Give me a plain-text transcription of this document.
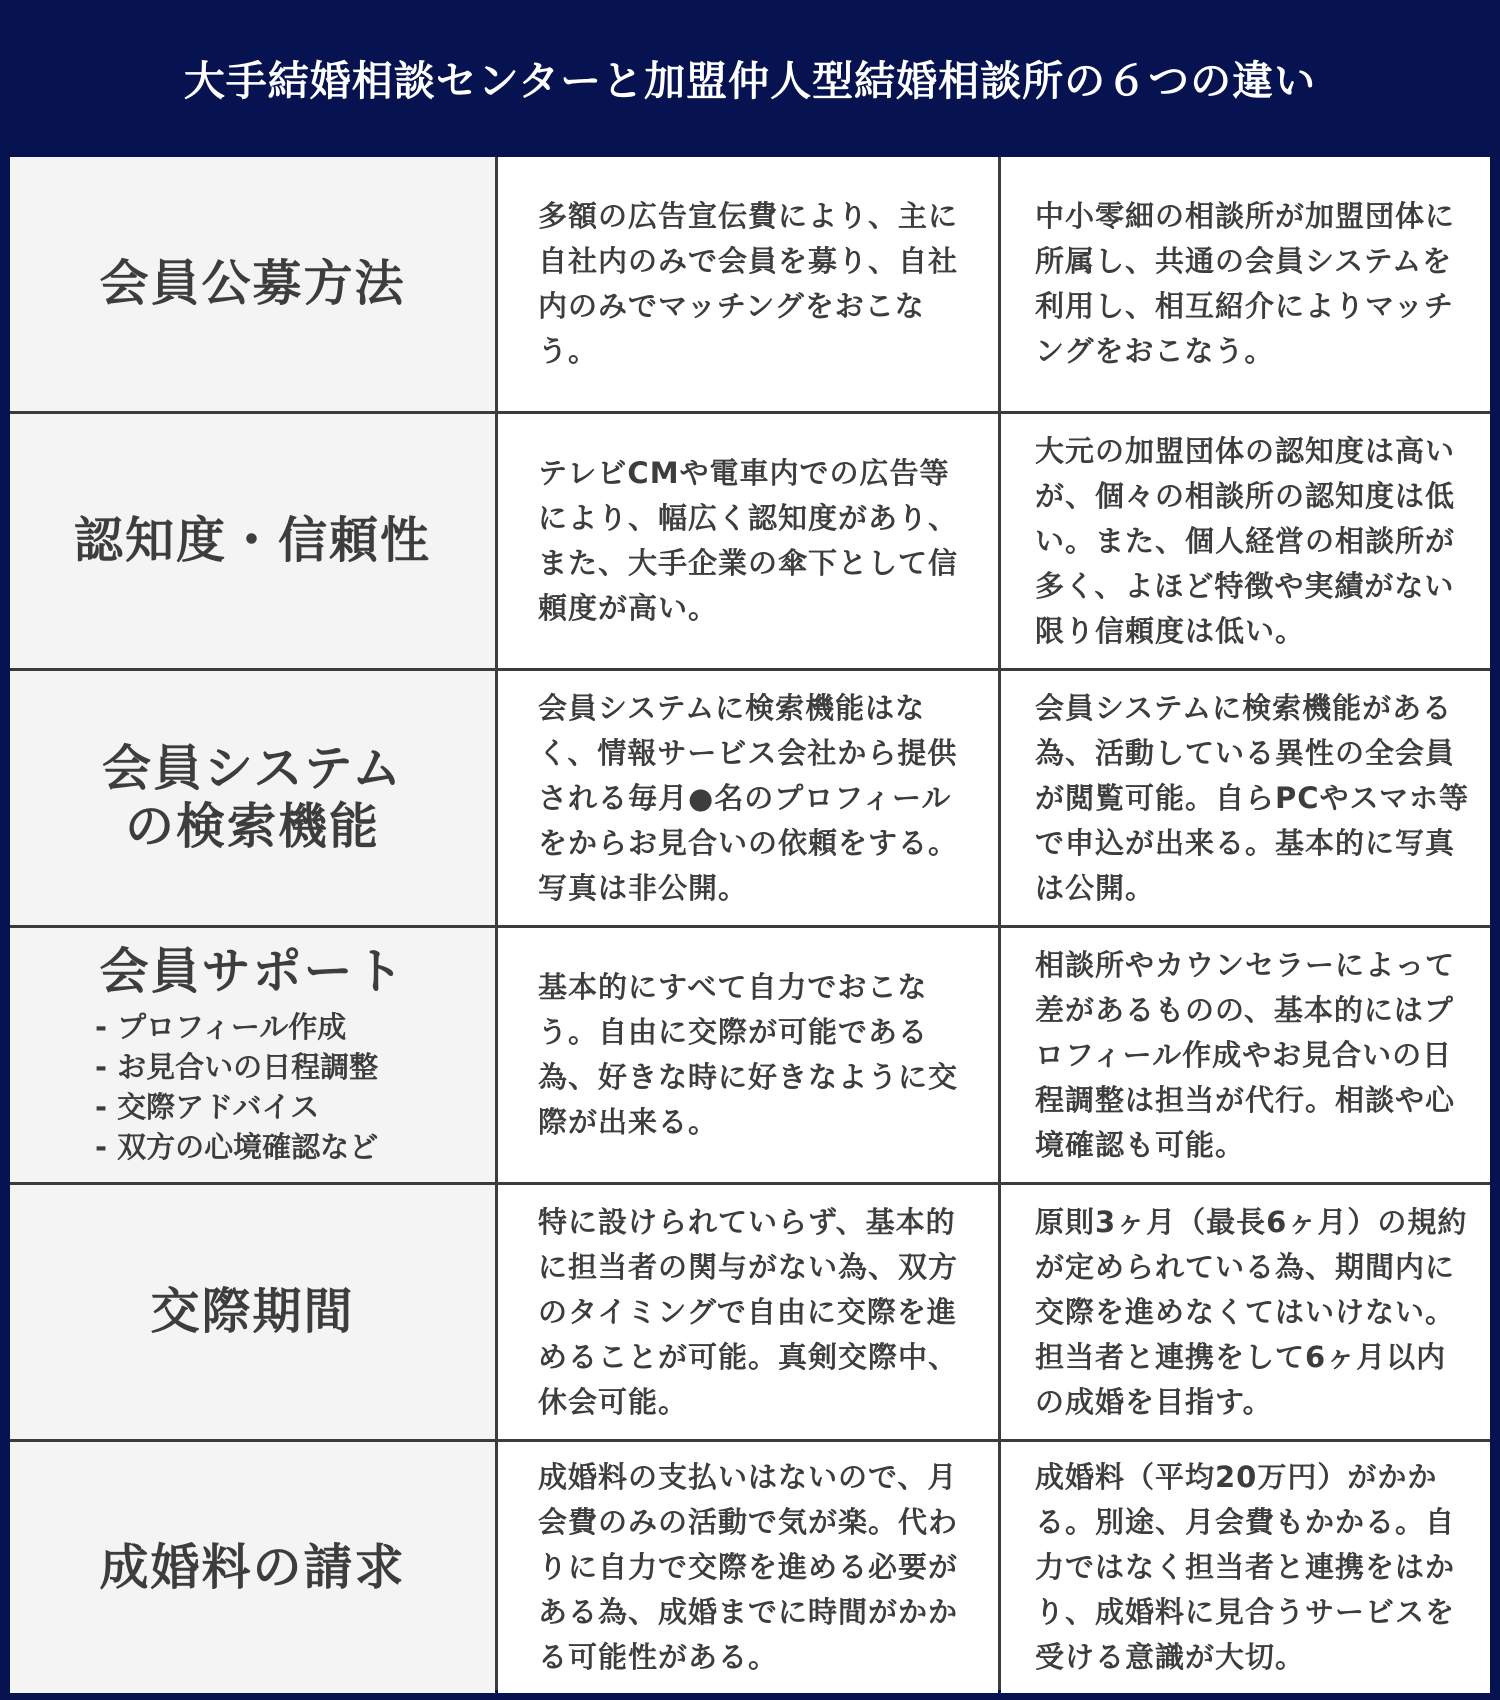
大手結婚相談センターと加盟仲人型結婚相談所の６つの違い
会員公募方法
多額の広告宣伝費により、主に自社内のみで会員を募り、自社内のみでマッチングをおこなう。
中小零細の相談所が加盟団体に所属し、共通の会員システムを利用し、相互紹介によりマッチングをおこなう。
認知度・信頼性
テレビCMや電車内での広告等により、幅広く認知度があり、また、大手企業の傘下として信頼度が高い。
大元の加盟団体の認知度は高いが、個々の相談所の認知度は低い。また、個人経営の相談所が多く、よほど特徴や実績がない限り信頼度は低い。
会員システム
の検索機能
会員システムに検索機能はなく、情報サービス会社から提供される毎月●名のプロフィールをからお見合いの依頼をする。写真は非公開。
会員システムに検索機能がある為、活動している異性の全会員が閲覧可能。自らPCやスマホ等で申込が出来る。基本的に写真は公開。
会員サポート
- プロフィール作成
- お見合いの日程調整
- 交際アドバイス
- 双方の心境確認など
基本的にすべて自力でおこなう。自由に交際が可能である為、好きな時に好きなように交際が出来る。
相談所やカウンセラーによって差があるものの、基本的にはプロフィール作成やお見合いの日程調整は担当が代行。相談や心境確認も可能。
交際期間
特に設けられていらず、基本的に担当者の関与がない為、双方のタイミングで自由に交際を進めることが可能。真剣交際中、休会可能。
原則3ヶ月（最長6ヶ月）の規約が定められている為、期間内に交際を進めなくてはいけない。担当者と連携をして6ヶ月以内の成婚を目指す。
成婚料の請求
成婚料の支払いはないので、月会費のみの活動で気が楽。代わりに自力で交際を進める必要がある為、成婚までに時間がかかる可能性がある。
成婚料（平均20万円）がかかる。別途、月会費もかかる。自力ではなく担当者と連携をはかり、成婚料に見合うサービスを受ける意識が大切。
